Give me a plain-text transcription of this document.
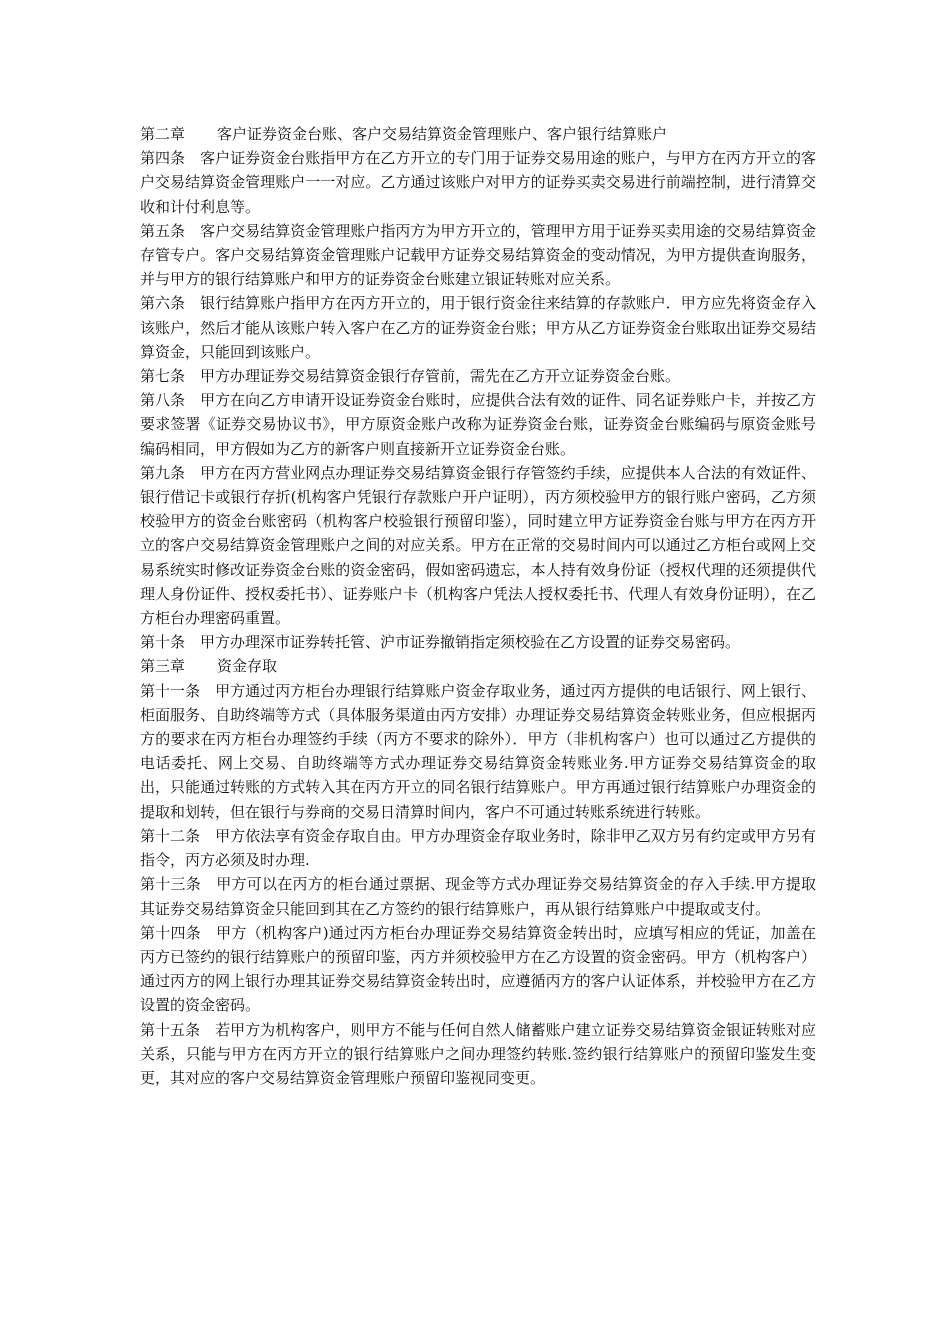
第二章 客户证券资金台账、客户交易结算资金管理账户、客户银行结算账户

第四条 客户证券资金台账指甲方在乙方开立的专门用于证券交易用途的账户，与甲方在丙方开立的客户交易结算资金管理账户一一对应。乙方通过该账户对甲方的证券买卖交易进行前端控制，进行清算交收和计付利息等。

第五条 客户交易结算资金管理账户指丙方为甲方开立的，管理甲方用于证券买卖用途的交易结算资金存管专户。客户交易结算资金管理账户记载甲方证券交易结算资金的变动情况，为甲方提供查询服务，并与甲方的银行结算账户和甲方的证券资金台账建立银证转账对应关系。

第六条 银行结算账户指甲方在丙方开立的，用于银行资金往来结算的存款账户．甲方应先将资金存入该账户，然后才能从该账户转入客户在乙方的证券资金台账；甲方从乙方证券资金台账取出证券交易结算资金，只能回到该账户。

第七条 甲方办理证券交易结算资金银行存管前，需先在乙方开立证券资金台账。

第八条 甲方在向乙方申请开设证券资金台账时，应提供合法有效的证件、同名证券账户卡，并按乙方要求签署《证券交易协议书》，甲方原资金账户改称为证券资金台账，证券资金台账编码与原资金账号编码相同，甲方假如为乙方的新客户则直接新开立证券资金台账。

第九条 甲方在丙方营业网点办理证券交易结算资金银行存管签约手续，应提供本人合法的有效证件、银行借记卡或银行存折(机构客户凭银行存款账户开户证明），丙方须校验甲方的银行账户密码，乙方须校验甲方的资金台账密码（机构客户校验银行预留印鉴），同时建立甲方证券资金台账与甲方在丙方开立的客户交易结算资金管理账户之间的对应关系。甲方在正常的交易时间内可以通过乙方柜台或网上交易系统实时修改证券资金台账的资金密码，假如密码遗忘，本人持有效身份证（授权代理的还须提供代理人身份证件、授权委托书）、证券账户卡（机构客户凭法人授权委托书、代理人有效身份证明），在乙方柜台办理密码重置。

第十条 甲方办理深市证券转托管、沪市证券撤销指定须校验在乙方设置的证券交易密码。

第三章 资金存取

第十一条 甲方通过丙方柜台办理银行结算账户资金存取业务，通过丙方提供的电话银行、网上银行、柜面服务、自助终端等方式（具体服务渠道由丙方安排）办理证券交易结算资金转账业务，但应根据丙方的要求在丙方柜台办理签约手续（丙方不要求的除外）．甲方（非机构客户）也可以通过乙方提供的电话委托、网上交易、自助终端等方式办理证券交易结算资金转账业务.甲方证券交易结算资金的取出，只能通过转账的方式转入其在丙方开立的同名银行结算账户。甲方再通过银行结算账户办理资金的提取和划转，但在银行与券商的交易日清算时间内，客户不可通过转账系统进行转账。

第十二条 甲方依法享有资金存取自由。甲方办理资金存取业务时，除非甲乙双方另有约定或甲方另有指令，丙方必须及时办理.

第十三条 甲方可以在丙方的柜台通过票据、现金等方式办理证券交易结算资金的存入手续.甲方提取其证券交易结算资金只能回到其在乙方签约的银行结算账户，再从银行结算账户中提取或支付。

第十四条 甲方（机构客户)通过丙方柜台办理证券交易结算资金转出时，应填写相应的凭证，加盖在丙方已签约的银行结算账户的预留印鉴，丙方并须校验甲方在乙方设置的资金密码。甲方（机构客户）通过丙方的网上银行办理其证券交易结算资金转出时，应遵循丙方的客户认证体系，并校验甲方在乙方设置的资金密码。

第十五条 若甲方为机构客户，则甲方不能与任何自然人储蓄账户建立证券交易结算资金银证转账对应关系，只能与甲方在丙方开立的银行结算账户之间办理签约转账.签约银行结算账户的预留印鉴发生变更，其对应的客户交易结算资金管理账户预留印鉴视同变更。
